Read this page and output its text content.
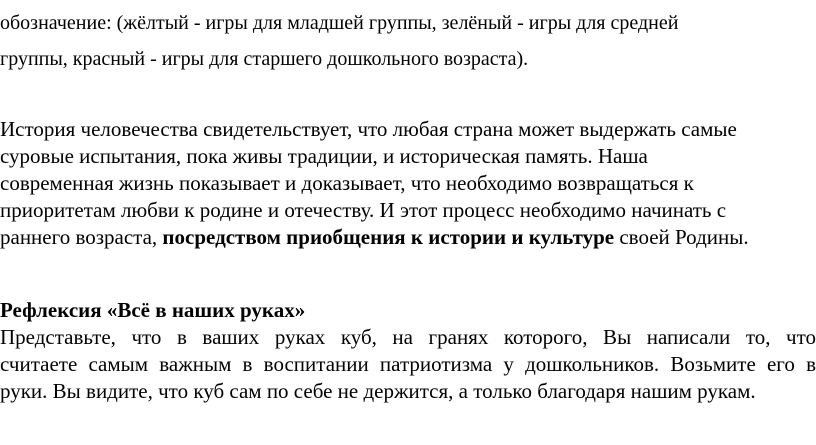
обозначение: (жёлтый - игры для младшей группы, зелёный - игры для средней

группы, красный - игры для старшего дошкольного возраста).

История человечества свидетельствует, что любая страна может выдержать самые

суровые испытания, пока живы традиции, и историческая память. Наша

современная жизнь показывает и доказывает, что необходимо возвращаться к

приоритетам любви к родине и отечеству. И этот процесс необходимо начинать с

раннего возраста, посредством приобщения к истории и культуре своей Родины.

Рефлексия «Всё в наших руках»

Представьте, что в ваших руках куб, на гранях которого, Вы написали то, что

считаете самым важным в воспитании патриотизма у дошкольников. Возьмите его в

руки. Вы видите, что куб сам по себе не держится, а только благодаря нашим рукам.
